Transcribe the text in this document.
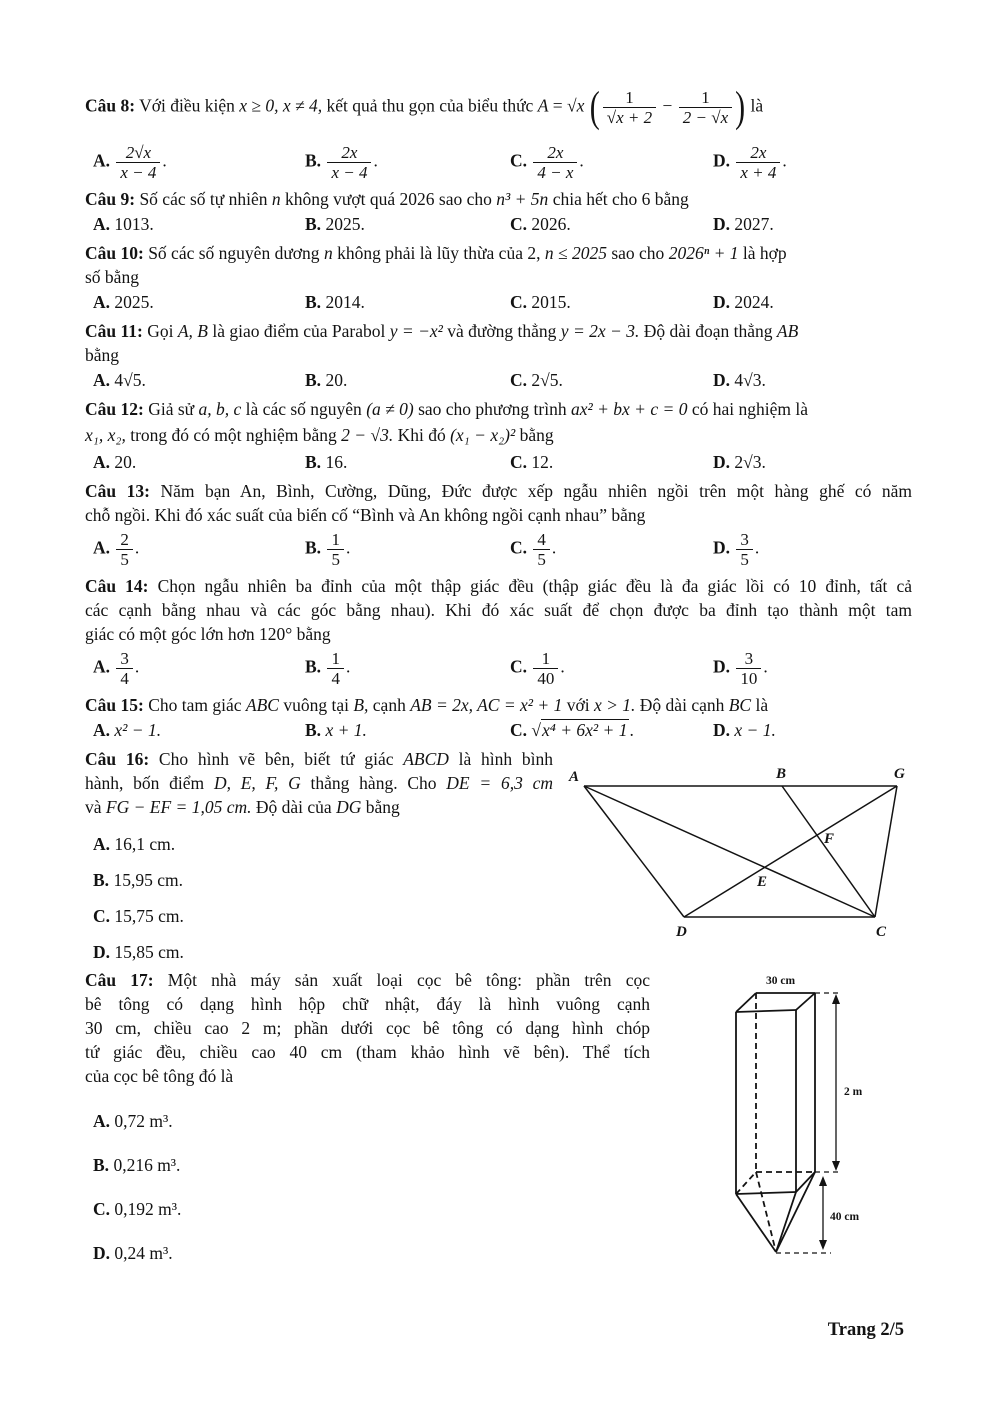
Câu 8: Với điều kiện x ≥ 0, x ≠ 4, kết quả thu gọn của biểu thức A = √x ( $\frac{1}{√x + 2} - \frac{1}{2 - √x}$ ) là

A. $\frac{2√x}{x - 4}$ .	B. $\frac{2x}{x - 4}$ .	C. $\frac{2x}{4 - x}$ .	D. $\frac{2x}{x + 4}$ .

Câu 9: Số các số tự nhiên n không vượt quá 2026 sao cho n³ + 5n chia hết cho 6 bằng

A. 1013.	B. 2025.	C. 2026.	D. 2027.

Câu 10: Số các số nguyên dương n không phải là lũy thừa của 2, n ≤ 2025 sao cho 2026ⁿ + 1 là hợp

số bằng

A. 2025.	B. 2014.	C. 2015.	D. 2024.

Câu 11: Gọi A, B là giao điểm của Parabol y = −x² và đường thẳng y = 2x − 3. Độ dài đoạn thẳng AB

bằng

A. 4√5.	B. 20.	C. 2√5.	D. 4√3.

Câu 12: Giả sử a, b, c là các số nguyên (a ≠ 0) sao cho phương trình ax² + bx + c = 0 có hai nghiệm là

x₁, x₂, trong đó có một nghiệm bằng 2 − √3. Khi đó (x₁ − x₂)² bằng

A. 20.	B. 16.	C. 12.	D. 2√3.

Câu 13: Năm bạn An, Bình, Cường, Dũng, Đức được xếp ngẫu nhiên ngồi trên một hàng ghế có năm

chỗ ngồi. Khi đó xác suất của biến cố “Bình và An không ngồi cạnh nhau” bằng

A. $\frac{2}{5}$ .	B. $\frac{1}{5}$ .	C. $\frac{4}{5}$ .	D. $\frac{3}{5}$ .

Câu 14: Chọn ngẫu nhiên ba đỉnh của một thập giác đều (thập giác đều là đa giác lồi có 10 đỉnh, tất cả

các cạnh bằng nhau và các góc bằng nhau). Khi đó xác suất để chọn được ba đỉnh tạo thành một tam

giác có một góc lớn hơn 120° bằng

A. $\frac{3}{4}$ .	B. $\frac{1}{4}$ .	C. $\frac{1}{40}$ .	D. $\frac{3}{10}$ .

Câu 15: Cho tam giác ABC vuông tại B, cạnh AB = 2x, AC = x² + 1 với x > 1. Độ dài cạnh BC là

A. x² − 1.	B. x + 1.	C. √x⁴ + 6x² + 1 .	D. x − 1.

Câu 16: Cho hình vẽ bên, biết tứ giác ABCD là hình bình

hành, bốn điểm D, E, F, G thẳng hàng. Cho DE = 6,3 cm

và FG − EF = 1,05 cm. Độ dài của DG bằng

A. 16,1 cm.
B. 15,95 cm.
C. 15,75 cm.
D. 15,85 cm.
A	B	G
F
E
D	C

Câu 17: Một nhà máy sản xuất loại cọc bê tông: phần trên cọc

bê tông có dạng hình hộp chữ nhật, đáy là hình vuông cạnh

30 cm, chiều cao 2 m; phần dưới cọc bê tông có dạng hình chóp

tứ giác đều, chiều cao 40 cm (tham khảo hình vẽ bên). Thể tích

của cọc bê tông đó là

A. 0,72 m³.
B. 0,216 m³.
C. 0,192 m³.
D. 0,24 m³.
30 cm
2 m
40 cm
Trang 2/5
